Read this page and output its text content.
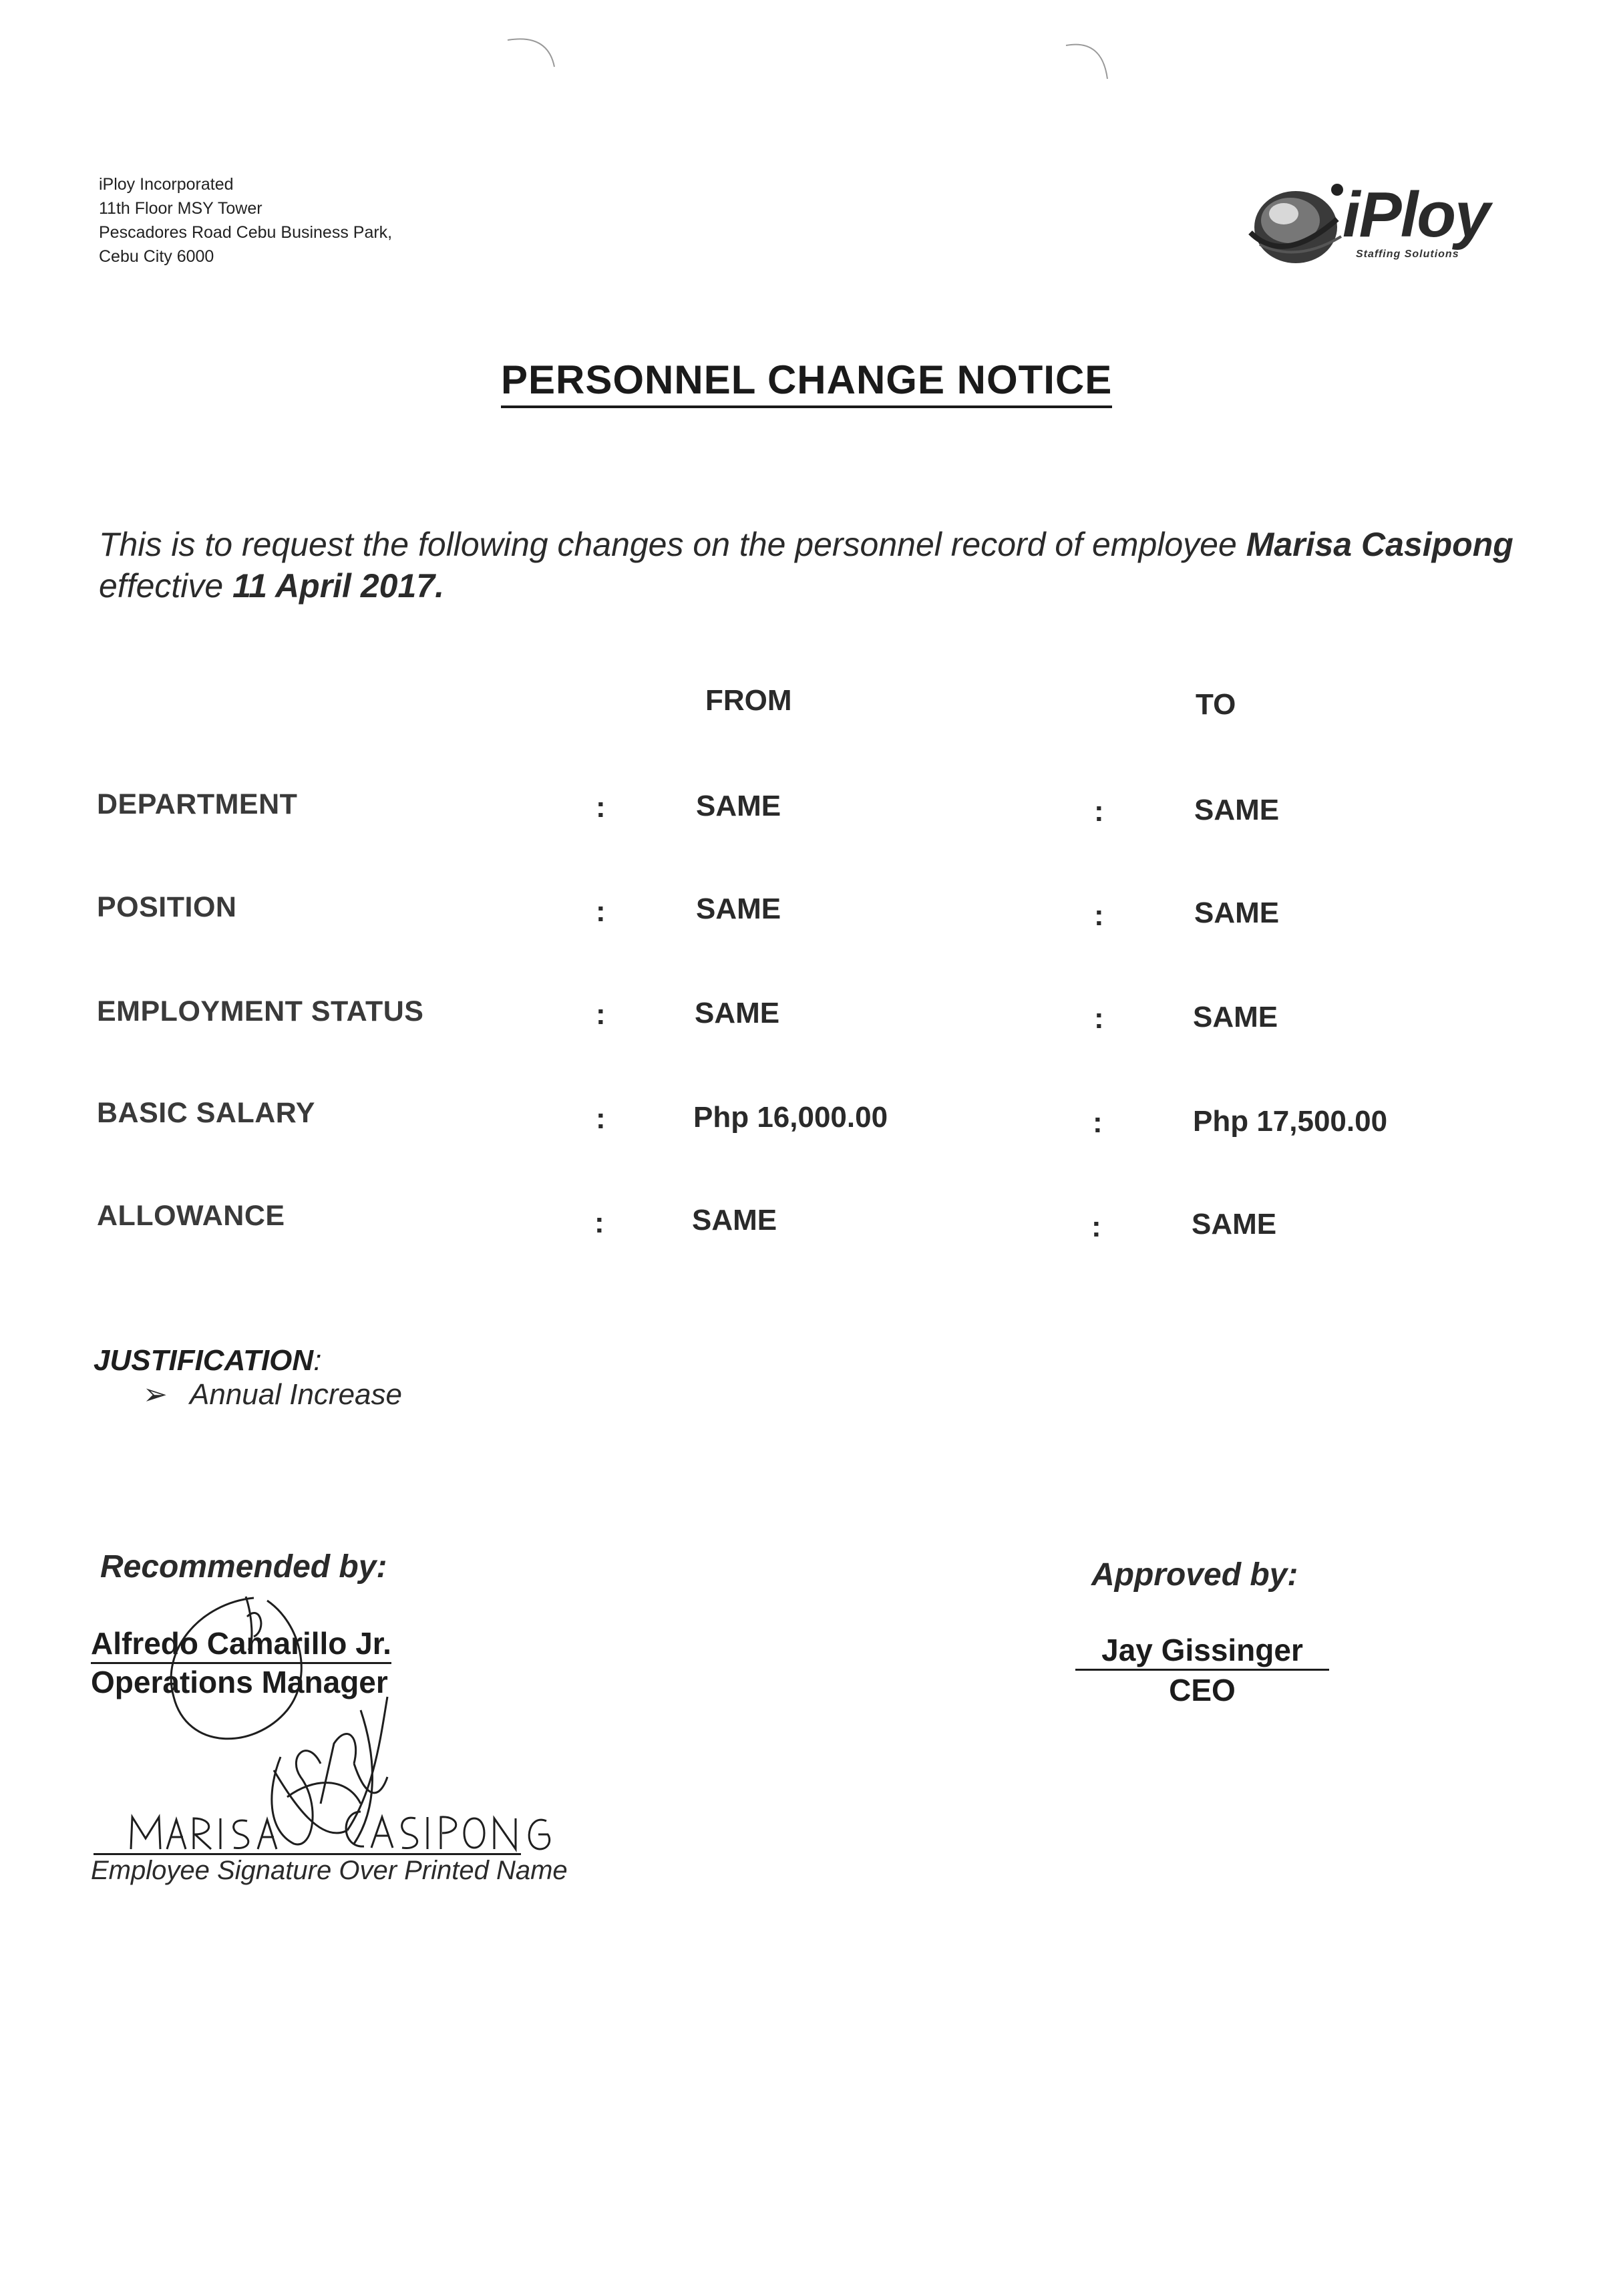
iPloy Incorporated
11th Floor MSY Tower
Pescadores Road Cebu Business Park,
Cebu City 6000
iPloy
Staffing Solutions
PERSONNEL CHANGE NOTICE
This is to request the following changes on the personnel record of employee Marisa Casipong
effective 11 April 2017.
FROM	TO
DEPARTMENT	:	SAME	:	SAME
POSITION	:	SAME	:	SAME
EMPLOYMENT STATUS	:	SAME	:	SAME
BASIC SALARY	:	Php 16,000.00	:	Php 17,500.00
ALLOWANCE	:	SAME	:	SAME
JUSTIFICATION:
➢ Annual Increase
Recommended by:
Alfredo Camarillo Jr.
Operations Manager
Approved by:
Jay Gissinger
CEO
Employee Signature Over Printed Name
